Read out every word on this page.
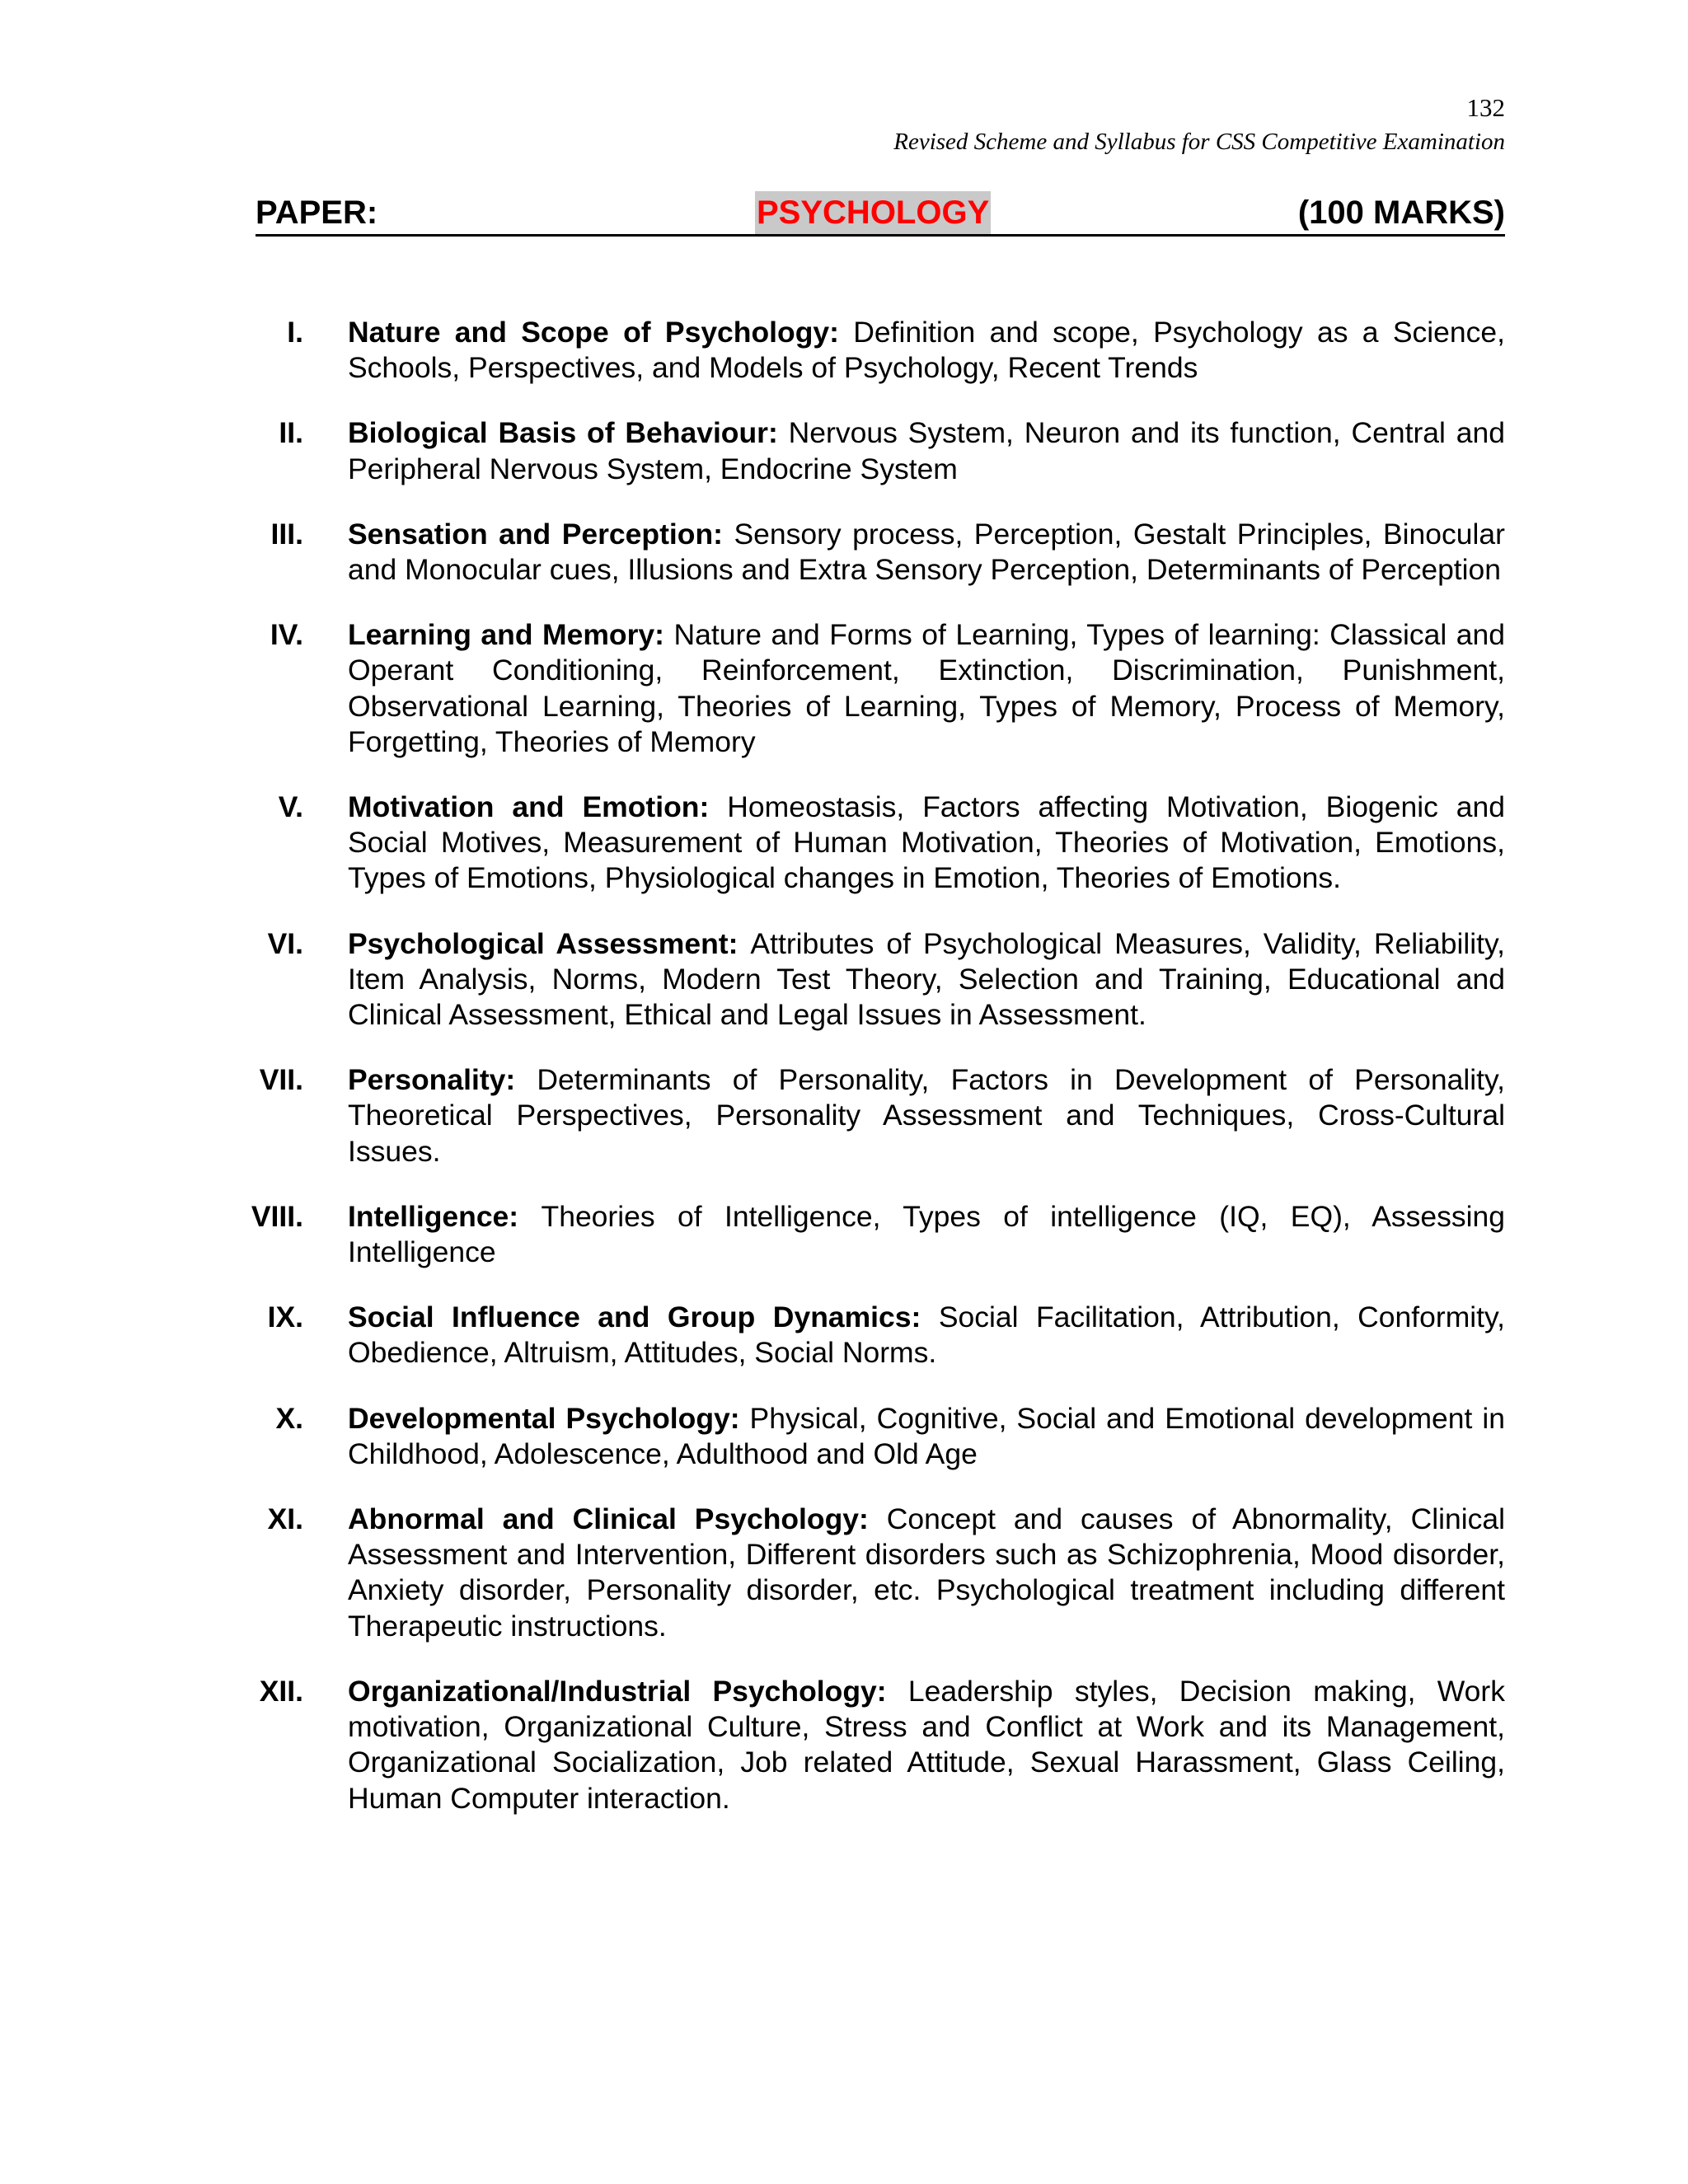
132
Revised Scheme and Syllabus for CSS Competitive Examination
PAPER:	PSYCHOLOGY	(100 MARKS)
I. Nature and Scope of Psychology: Definition and scope, Psychology as a Science, Schools, Perspectives, and Models of Psychology, Recent Trends
II. Biological Basis of Behaviour: Nervous System, Neuron and its function, Central and Peripheral Nervous System, Endocrine System
III. Sensation and Perception: Sensory process, Perception, Gestalt Principles, Binocular and Monocular cues, Illusions and Extra Sensory Perception, Determinants of Perception
IV. Learning and Memory: Nature and Forms of Learning, Types of learning: Classical and Operant Conditioning, Reinforcement, Extinction, Discrimination, Punishment, Observational Learning, Theories of Learning, Types of Memory, Process of Memory, Forgetting, Theories of Memory
V. Motivation and Emotion: Homeostasis, Factors affecting Motivation, Biogenic and Social Motives, Measurement of Human Motivation, Theories of Motivation, Emotions, Types of Emotions, Physiological changes in Emotion, Theories of Emotions.
VI. Psychological Assessment: Attributes of Psychological Measures, Validity, Reliability, Item Analysis, Norms, Modern Test Theory, Selection and Training, Educational and Clinical Assessment, Ethical and Legal Issues in Assessment.
VII. Personality: Determinants of Personality, Factors in Development of Personality, Theoretical Perspectives, Personality Assessment and Techniques, Cross-Cultural Issues.
VIII. Intelligence: Theories of Intelligence, Types of intelligence (IQ, EQ), Assessing Intelligence
IX. Social Influence and Group Dynamics: Social Facilitation, Attribution, Conformity, Obedience, Altruism, Attitudes, Social Norms.
X. Developmental Psychology: Physical, Cognitive, Social and Emotional development in Childhood, Adolescence, Adulthood and Old Age
XI. Abnormal and Clinical Psychology: Concept and causes of Abnormality, Clinical Assessment and Intervention, Different disorders such as Schizophrenia, Mood disorder, Anxiety disorder, Personality disorder, etc. Psychological treatment including different Therapeutic instructions.
XII. Organizational/Industrial Psychology: Leadership styles, Decision making, Work motivation, Organizational Culture, Stress and Conflict at Work and its Management, Organizational Socialization, Job related Attitude, Sexual Harassment, Glass Ceiling, Human Computer interaction.
